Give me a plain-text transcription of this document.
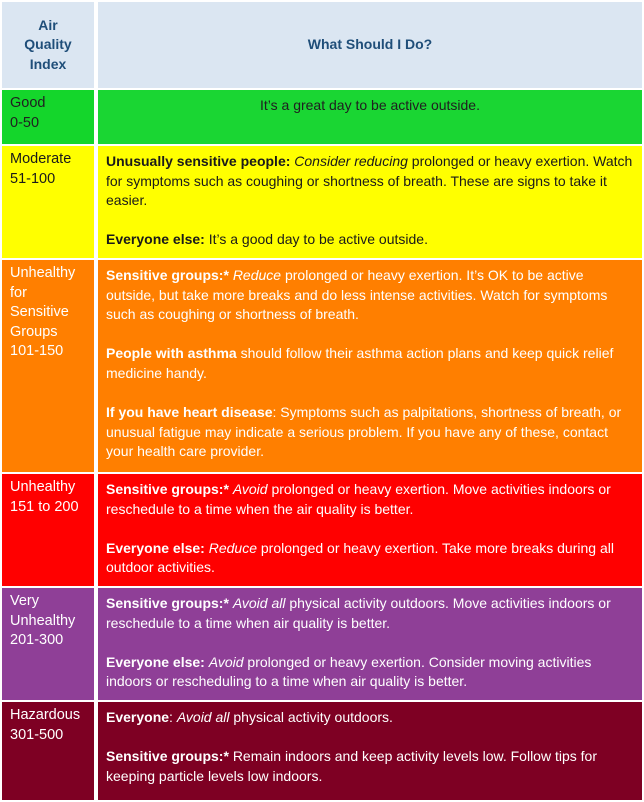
Air
Quality
Index
What Should I Do?
Good
0-50
It’s a great day to be active outside.
Moderate
51-100

Unusually sensitive people: Consider reducing prolonged or heavy exertion. Watch for symptoms such as coughing or shortness of breath. These are signs to take it easier.

Everyone else: It’s a good day to be active outside.

Unhealthy
for
Sensitive
Groups
101-150

Sensitive groups:* Reduce prolonged or heavy exertion. It’s OK to be active outside, but take more breaks and do less intense activities. Watch for symptoms such as coughing or shortness of breath.

People with asthma should follow their asthma action plans and keep quick relief medicine handy.

If you have heart disease: Symptoms such as palpitations, shortness of breath, or unusual fatigue may indicate a serious problem. If you have any of these, contact your health care provider.

Unhealthy
151 to 200

Sensitive groups:* Avoid prolonged or heavy exertion. Move activities indoors or reschedule to a time when the air quality is better.

Everyone else: Reduce prolonged or heavy exertion. Take more breaks during all outdoor activities.

Very
Unhealthy
201-300

Sensitive groups:* Avoid all physical activity outdoors. Move activities indoors or reschedule to a time when air quality is better.

Everyone else: Avoid prolonged or heavy exertion. Consider moving activities indoors or rescheduling to a time when air quality is better.

Hazardous
301-500

Everyone: Avoid all physical activity outdoors.

Sensitive groups:* Remain indoors and keep activity levels low. Follow tips for keeping particle levels low indoors.
